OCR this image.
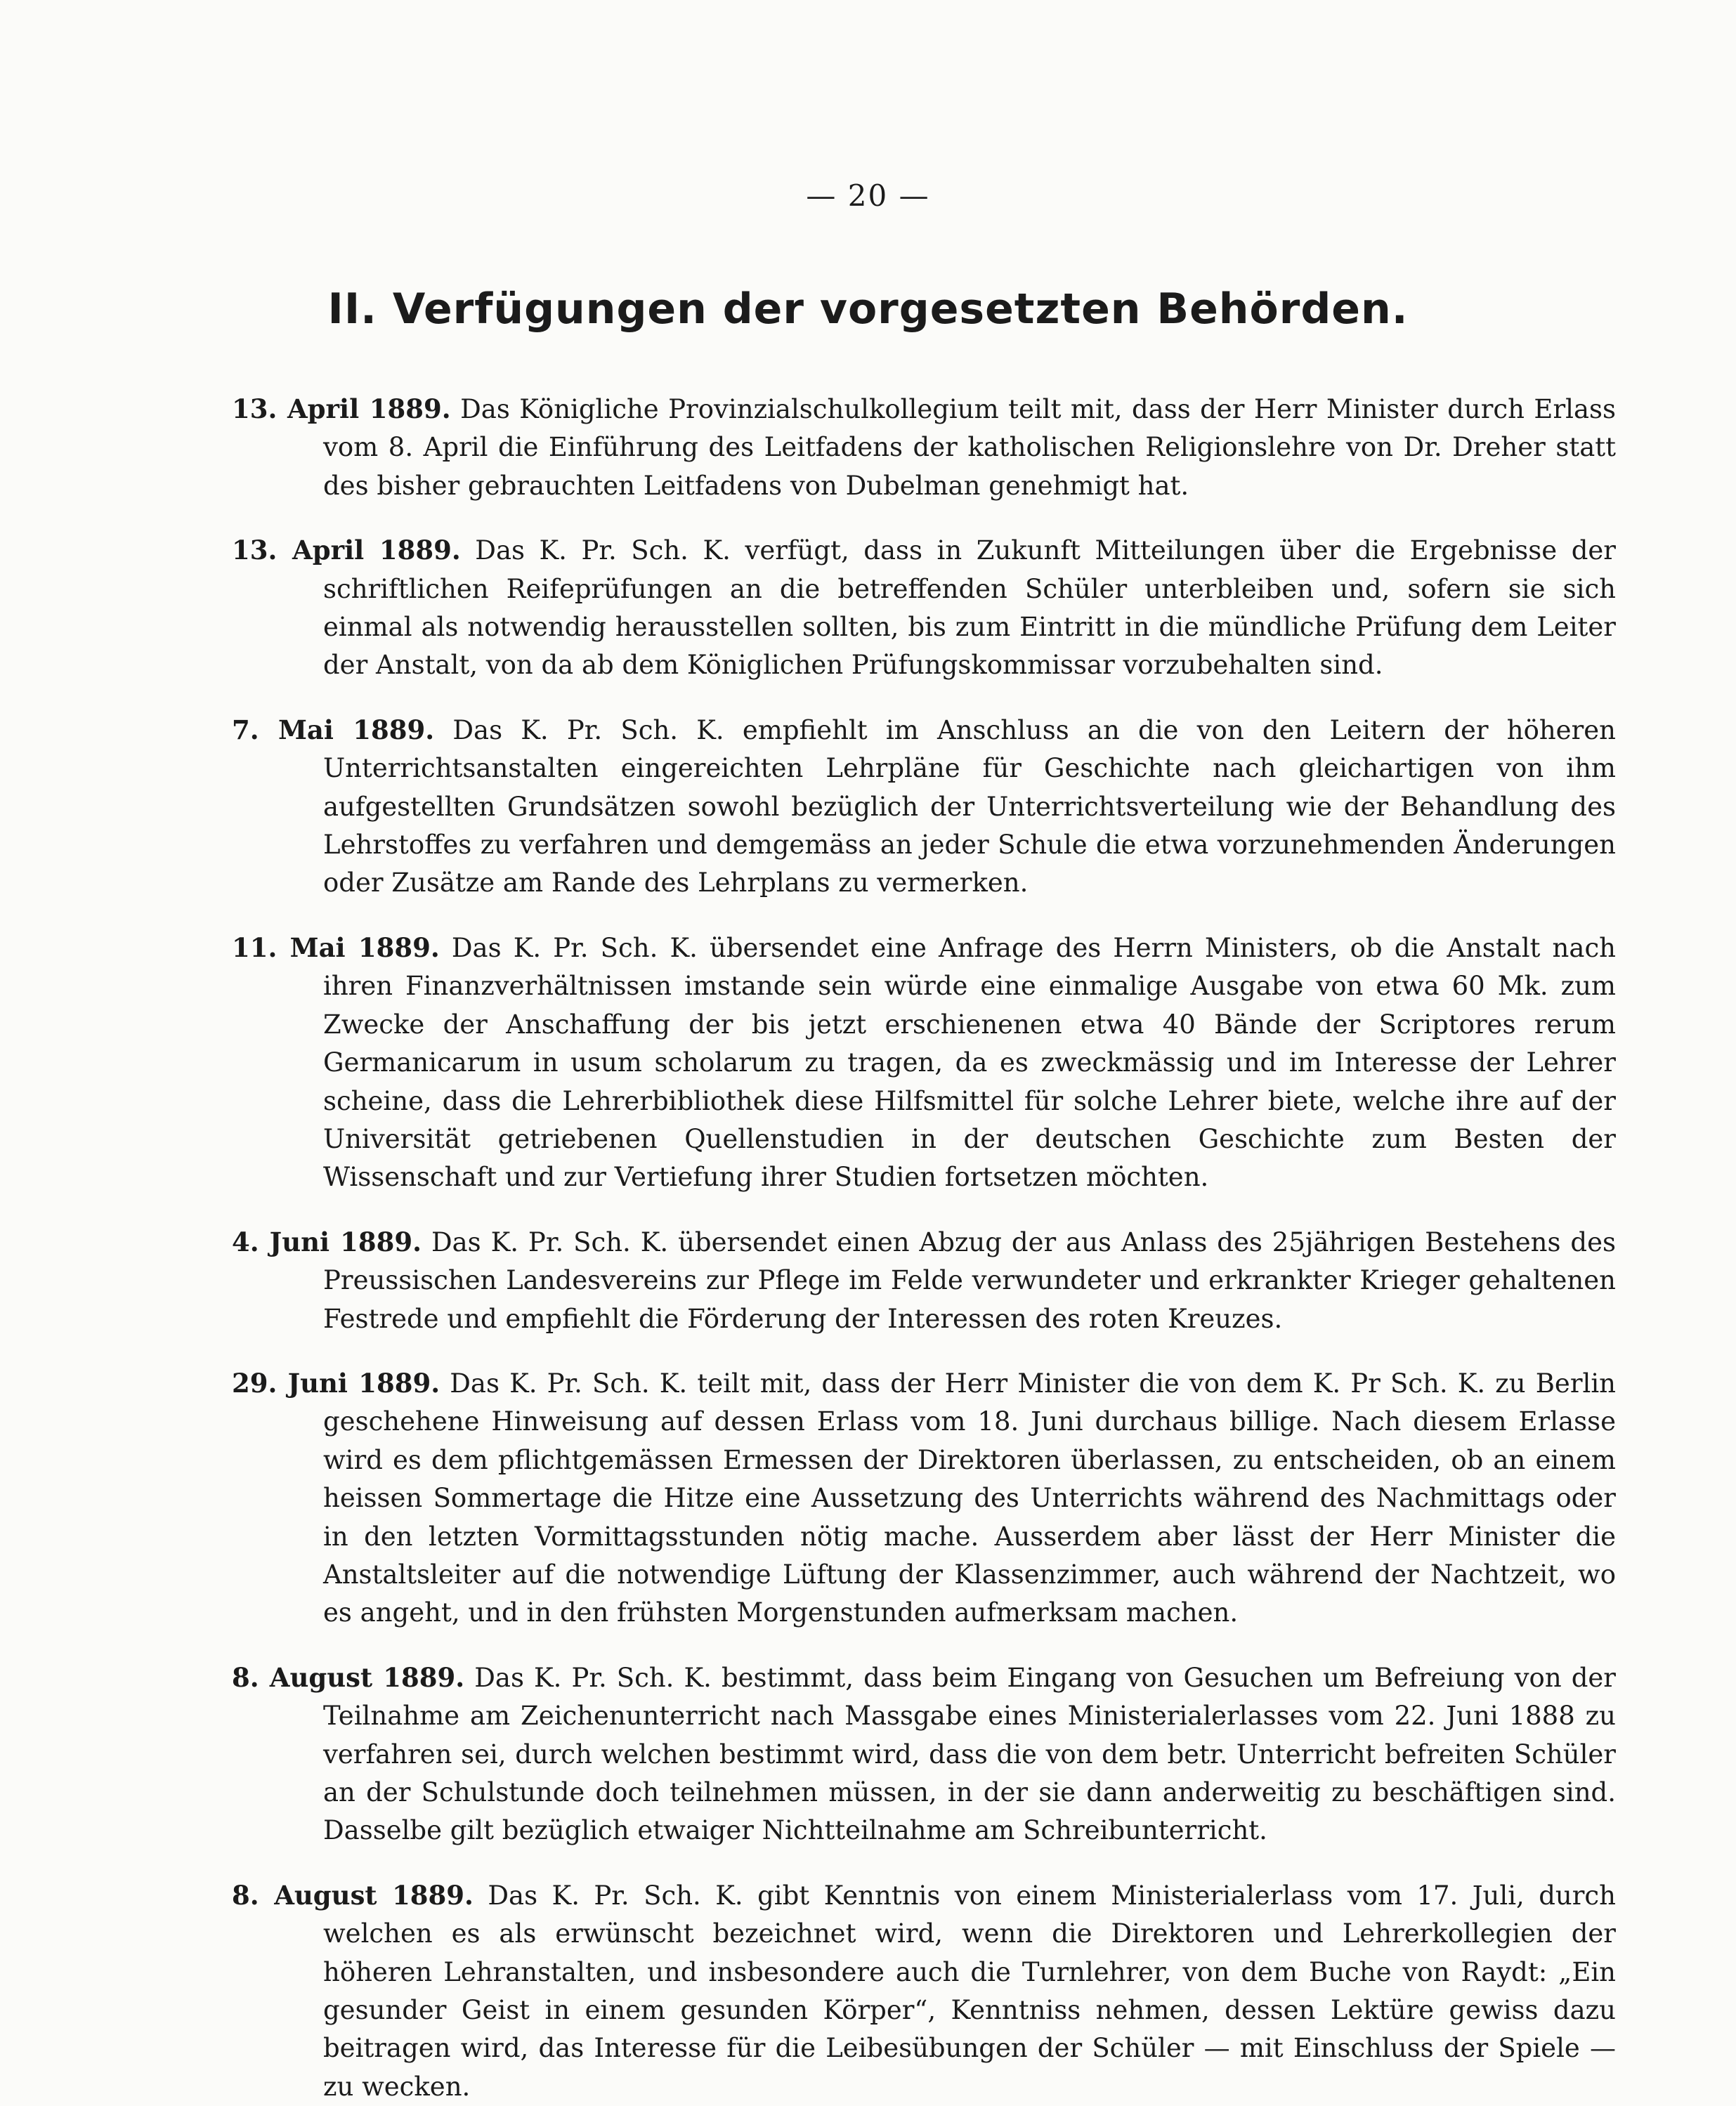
— 20 —
II. Verfügungen der vorgesetzten Behörden.

13. April 1889. Das Königliche Provinzialschulkollegium teilt mit, dass der Herr Minister durch Erlass vom 8. April die Einführung des Leitfadens der katholischen Religionslehre von Dr. Dreher statt des bisher gebrauchten Leitfadens von Dubelman genehmigt hat.

13. April 1889. Das K. Pr. Sch. K. verfügt, dass in Zukunft Mitteilungen über die Ergebnisse der schriftlichen Reifeprüfungen an die betreffenden Schüler unterbleiben und, sofern sie sich einmal als notwendig herausstellen sollten, bis zum Eintritt in die mündliche Prüfung dem Leiter der Anstalt, von da ab dem Königlichen Prüfungskommissar vorzubehalten sind.

7. Mai 1889. Das K. Pr. Sch. K. empfiehlt im Anschluss an die von den Leitern der höheren Unterrichtsanstalten eingereichten Lehrpläne für Geschichte nach gleichartigen von ihm aufgestellten Grundsätzen sowohl bezüglich der Unterrichtsverteilung wie der Behandlung des Lehrstoffes zu verfahren und demgemäss an jeder Schule die etwa vorzunehmenden Änderungen oder Zusätze am Rande des Lehrplans zu vermerken.

11. Mai 1889. Das K. Pr. Sch. K. übersendet eine Anfrage des Herrn Ministers, ob die Anstalt nach ihren Finanzverhältnissen imstande sein würde eine einmalige Ausgabe von etwa 60 Mk. zum Zwecke der Anschaffung der bis jetzt erschienenen etwa 40 Bände der Scriptores rerum Germanicarum in usum scholarum zu tragen, da es zweckmässig und im Interesse der Lehrer scheine, dass die Lehrerbibliothek diese Hilfsmittel für solche Lehrer biete, welche ihre auf der Universität getriebenen Quellenstudien in der deutschen Geschichte zum Besten der Wissenschaft und zur Vertiefung ihrer Studien fortsetzen möchten.

4. Juni 1889. Das K. Pr. Sch. K. übersendet einen Abzug der aus Anlass des 25jährigen Bestehens des Preussischen Landesvereins zur Pflege im Felde verwundeter und erkrankter Krieger gehaltenen Festrede und empfiehlt die Förderung der Interessen des roten Kreuzes.

29. Juni 1889. Das K. Pr. Sch. K. teilt mit, dass der Herr Minister die von dem K. Pr Sch. K. zu Berlin geschehene Hinweisung auf dessen Erlass vom 18. Juni durchaus billige. Nach diesem Erlasse wird es dem pflichtgemässen Ermessen der Direktoren überlassen, zu entscheiden, ob an einem heissen Sommertage die Hitze eine Aussetzung des Unterrichts während des Nachmittags oder in den letzten Vormittagsstunden nötig mache. Ausserdem aber lässt der Herr Minister die Anstaltsleiter auf die notwendige Lüftung der Klassenzimmer, auch während der Nachtzeit, wo es angeht, und in den frühsten Morgenstunden aufmerksam machen.

8. August 1889. Das K. Pr. Sch. K. bestimmt, dass beim Eingang von Gesuchen um Befreiung von der Teilnahme am Zeichenunterricht nach Massgabe eines Ministerialerlasses vom 22. Juni 1888 zu verfahren sei, durch welchen bestimmt wird, dass die von dem betr. Unterricht befreiten Schüler an der Schulstunde doch teilnehmen müssen, in der sie dann anderweitig zu beschäftigen sind. Dasselbe gilt bezüglich etwaiger Nichtteilnahme am Schreibunterricht.

8. August 1889. Das K. Pr. Sch. K. gibt Kenntnis von einem Ministerialerlass vom 17. Juli, durch welchen es als erwünscht bezeichnet wird, wenn die Direktoren und Lehrerkollegien der höheren Lehranstalten, und insbesondere auch die Turnlehrer, von dem Buche von Raydt: „Ein gesunder Geist in einem gesunden Körper“, Kenntniss nehmen, dessen Lektüre gewiss dazu beitragen wird, das Interesse für die Leibesübungen der Schüler — mit Einschluss der Spiele — zu wecken.
